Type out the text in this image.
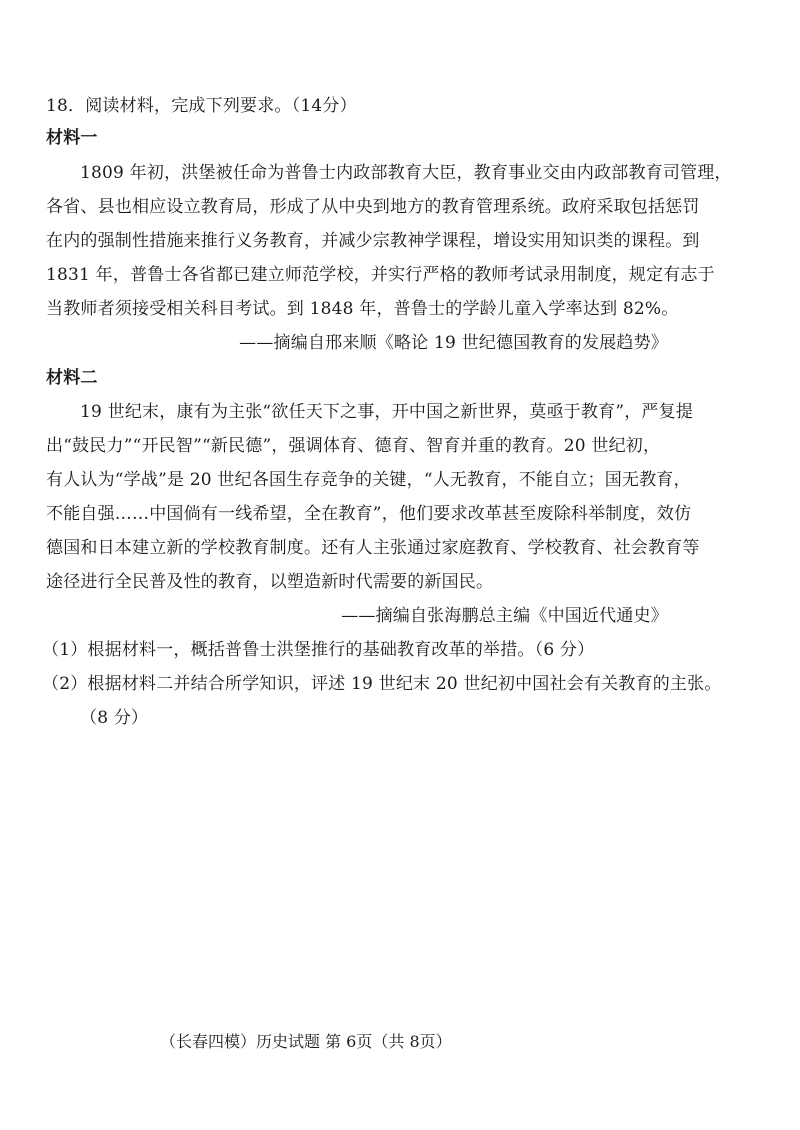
18．阅读材料，完成下列要求。（14分）
材料一
1809 年初，洪堡被任命为普鲁士内政部教育大臣，教育事业交由内政部教育司管理，
各省、县也相应设立教育局，形成了从中央到地方的教育管理系统。政府采取包括惩罚
在内的强制性措施来推行义务教育，并减少宗教神学课程，增设实用知识类的课程。到
1831 年，普鲁士各省都已建立师范学校，并实行严格的教师考试录用制度，规定有志于
当教师者须接受相关科目考试。到 1848 年，普鲁士的学龄儿童入学率达到 82%。
——摘编自邢来顺《略论 19 世纪德国教育的发展趋势》
材料二
19 世纪末，康有为主张“欲任天下之事，开中国之新世界，莫亟于教育”，严复提
出“鼓民力”“开民智”“新民德”，强调体育、德育、智育并重的教育。20 世纪初，
有人认为“学战”是 20 世纪各国生存竞争的关键，“人无教育，不能自立；国无教育，
不能自强……中国倘有一线希望，全在教育”，他们要求改革甚至废除科举制度，效仿
德国和日本建立新的学校教育制度。还有人主张通过家庭教育、学校教育、社会教育等
途径进行全民普及性的教育，以塑造新时代需要的新国民。
——摘编自张海鹏总主编《中国近代通史》
（1）根据材料一，概括普鲁士洪堡推行的基础教育改革的举措。（6 分）
（2）根据材料二并结合所学知识，评述 19 世纪末 20 世纪初中国社会有关教育的主张。
（8 分）
（长春四模）历史试题 第 6页（共 8页）
